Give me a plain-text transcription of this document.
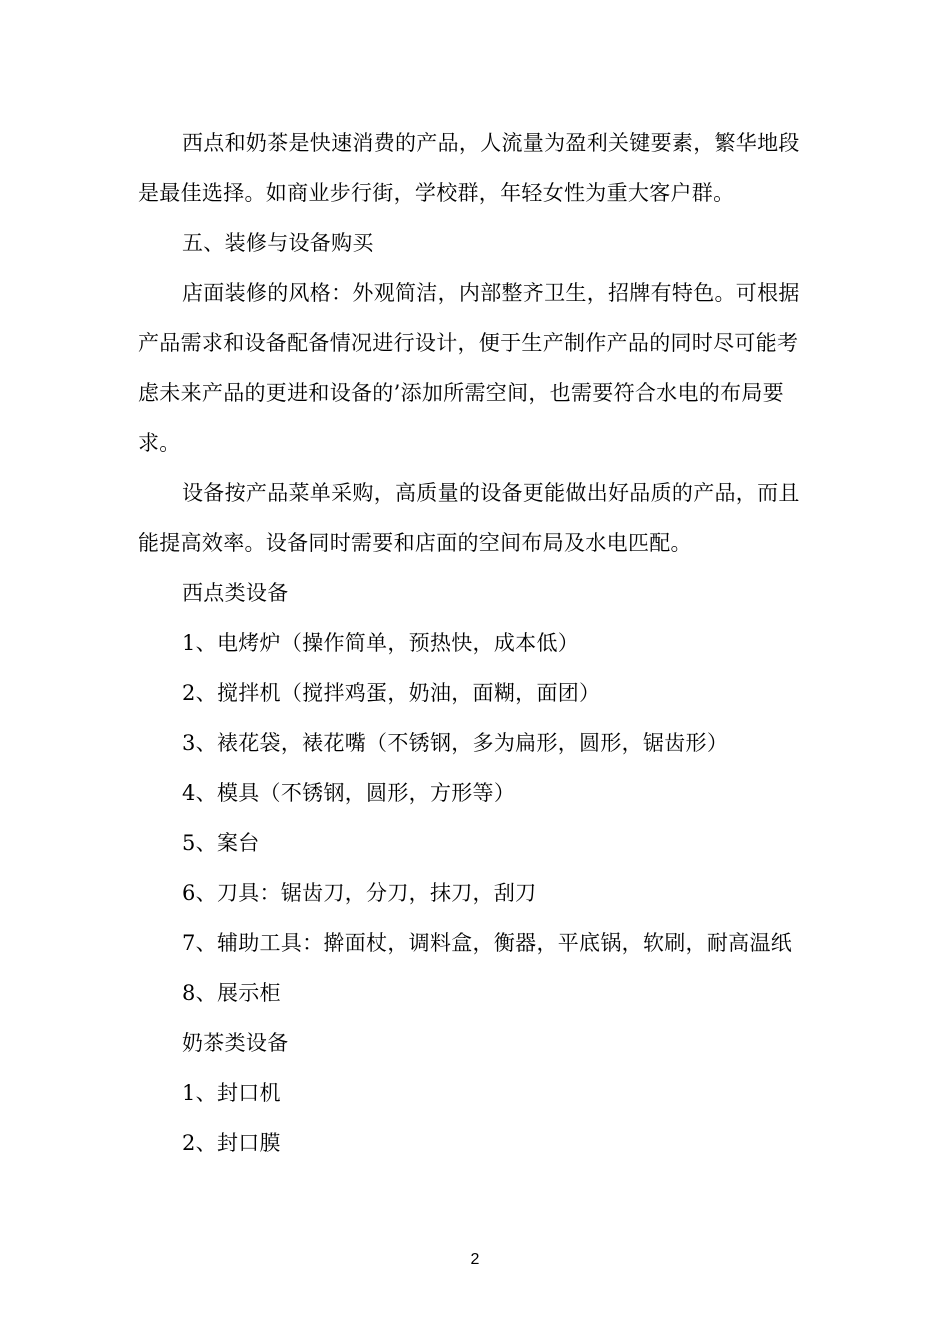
西点和奶茶是快速消费的产品，人流量为盈利关键要素，繁华地段是最佳选择。如商业步行街，学校群，年轻女性为重大客户群。

五、装修与设备购买

店面装修的风格：外观简洁，内部整齐卫生，招牌有特色。可根据产品需求和设备配备情况进行设计，便于生产制作产品的同时尽可能考虑未来产品的更进和设备的’添加所需空间，也需要符合水电的布局要求。

设备按产品菜单采购，高质量的设备更能做出好品质的产品，而且能提高效率。设备同时需要和店面的空间布局及水电匹配。

西点类设备

1、电烤炉（操作简单，预热快，成本低）

2、搅拌机（搅拌鸡蛋，奶油，面糊，面团）

3、裱花袋，裱花嘴（不锈钢，多为扁形，圆形，锯齿形）

4、模具（不锈钢，圆形，方形等）

5、案台

6、刀具：锯齿刀，分刀，抹刀，刮刀

7、辅助工具：擀面杖，调料盒，衡器，平底锅，软刷，耐高温纸

8、展示柜

奶茶类设备

1、封口机

2、封口膜

2
